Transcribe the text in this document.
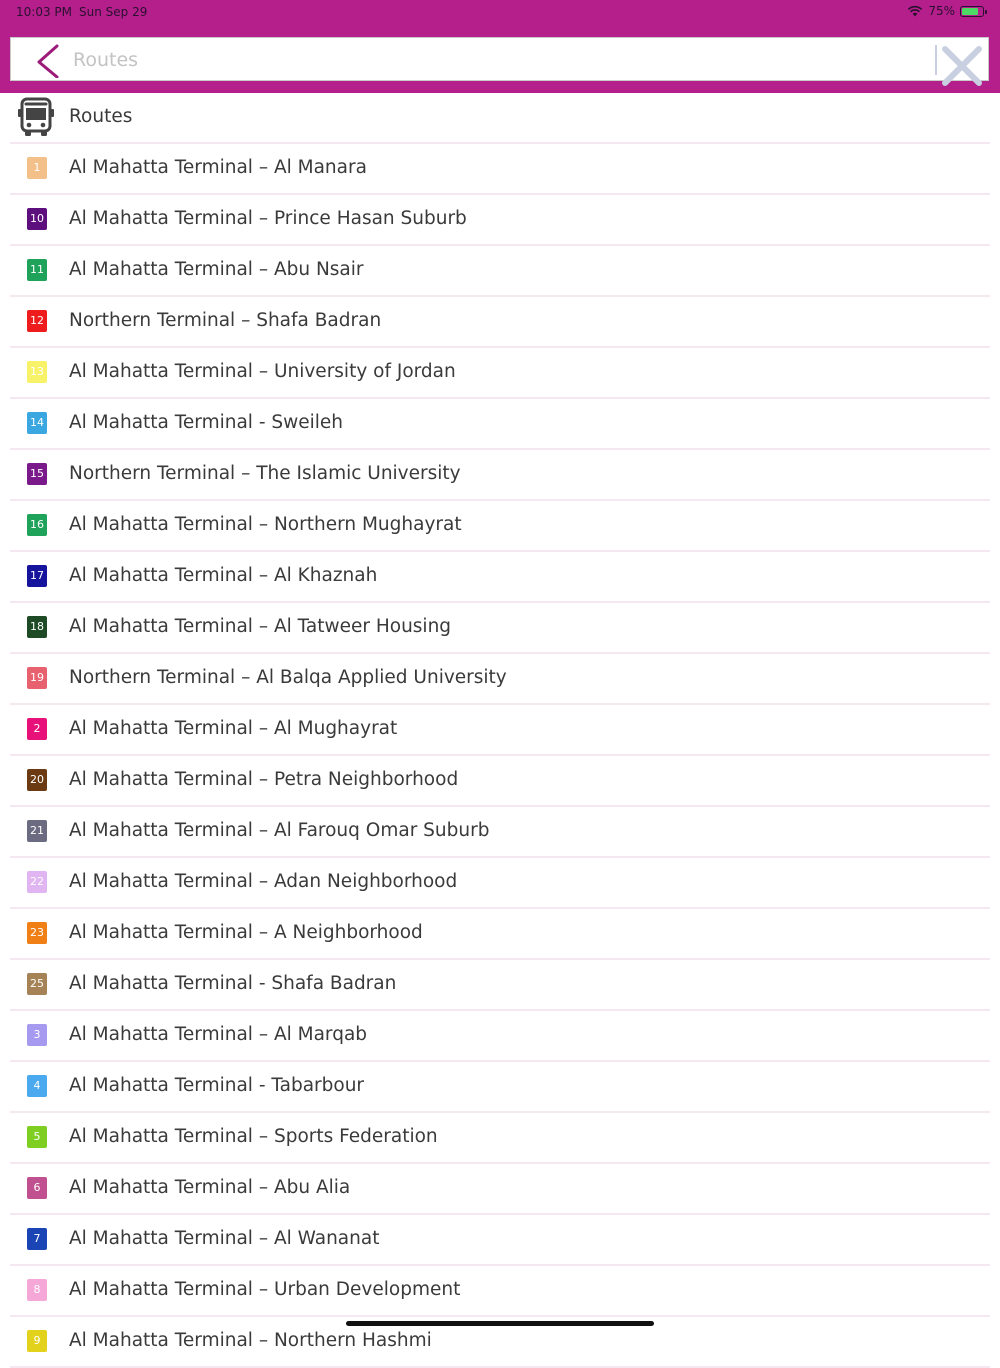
10:03 PM Sun Sep 29	75%
Routes
Routes
1	Al Mahatta Terminal – Al Manara
10 Al Mahatta Terminal – Prince Hasan Suburb
11 Al Mahatta Terminal – Abu Nsair
12 Northern Terminal – Shafa Badran
13 Al Mahatta Terminal – University of Jordan
14 Al Mahatta Terminal - Sweileh
15 Northern Terminal – The Islamic University
16 Al Mahatta Terminal – Northern Mughayrat
17 Al Mahatta Terminal – Al Khaznah
18 Al Mahatta Terminal – Al Tatweer Housing
19 Northern Terminal – Al Balqa Applied University
2	Al Mahatta Terminal – Al Mughayrat
20 Al Mahatta Terminal – Petra Neighborhood
21 Al Mahatta Terminal – Al Farouq Omar Suburb
22 Al Mahatta Terminal – Adan Neighborhood
23 Al Mahatta Terminal – A Neighborhood
25 Al Mahatta Terminal - Shafa Badran
3	Al Mahatta Terminal – Al Marqab
4	Al Mahatta Terminal - Tabarbour
5	Al Mahatta Terminal – Sports Federation
6	Al Mahatta Terminal – Abu Alia
7	Al Mahatta Terminal – Al Wananat
8	Al Mahatta Terminal – Urban Development
9	Al Mahatta Terminal – Northern Hashmi
